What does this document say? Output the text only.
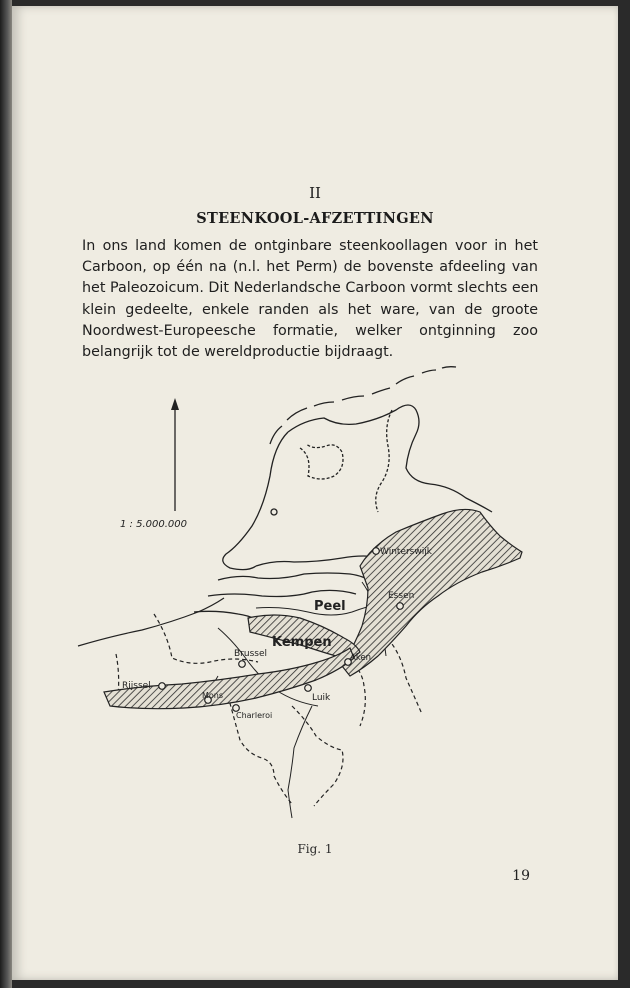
II
STEENKOOL-AFZETTINGEN

In ons land komen de ontginbare steenkoollagen voor in het
Carboon, op één na (n.l. het Perm) de bovenste afdeeling van
het Paleozoicum. Dit Nederlandsche Carboon vormt slechts een
klein gedeelte, enkele randen als het ware, van de groote
Noordwest-Europeesche formatie, welker ontginning zoo
belangrijk tot de wereldproductie bijdraagt.

1 : 5.000.000
Winterswijk
Essen
Peel
Kempen
Aken
Brussel
Rijssel
Mons
Charleroi
Luik
Fig. 1
19
